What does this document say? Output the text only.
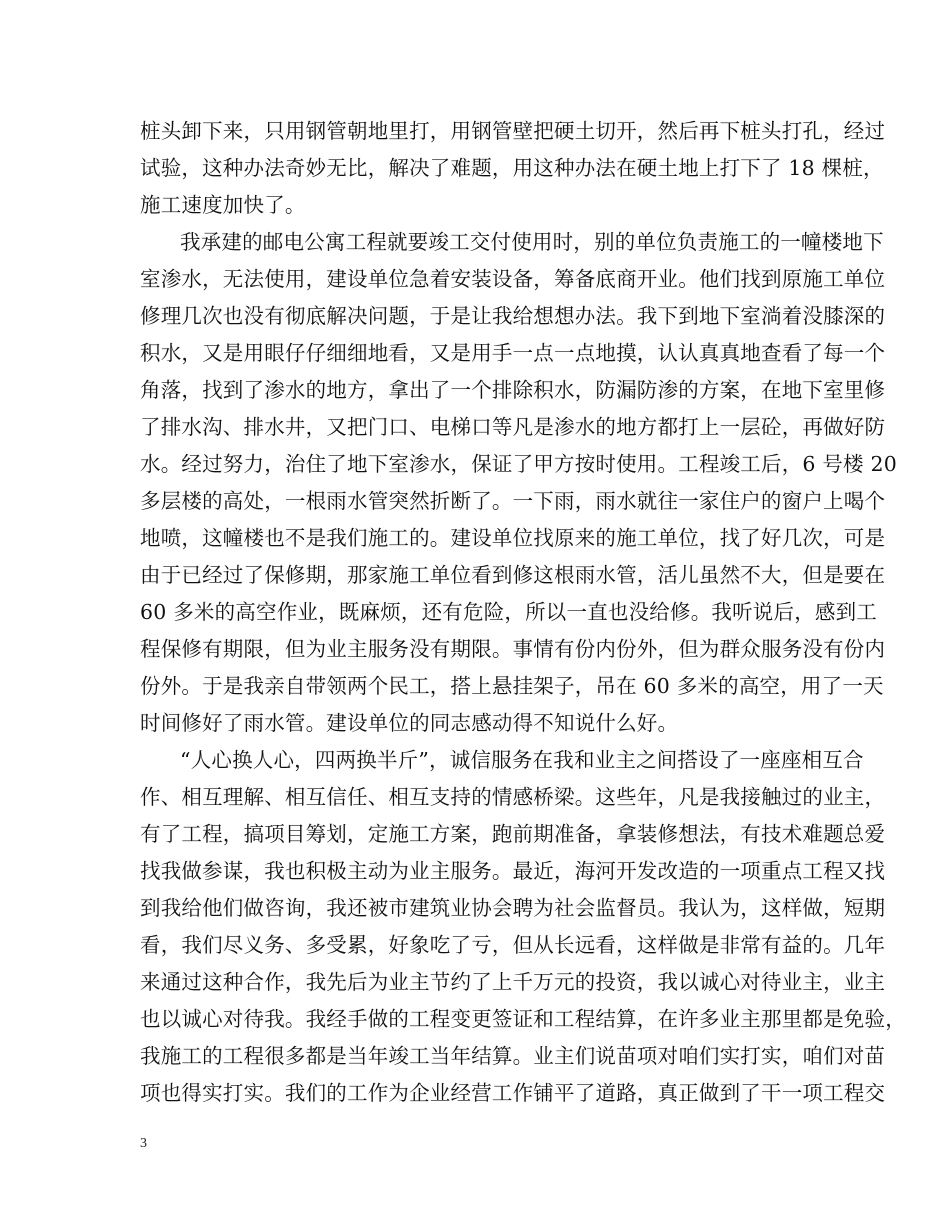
桩头卸下来，只用钢管朝地里打，用钢管壁把硬土切开，然后再下桩头打孔，经过
试验，这种办法奇妙无比，解决了难题，用这种办法在硬土地上打下了 18 棵桩，
施工速度加快了。
我承建的邮电公寓工程就要竣工交付使用时，别的单位负责施工的一幢楼地下
室渗水，无法使用，建设单位急着安装设备，筹备底商开业。他们找到原施工单位
修理几次也没有彻底解决问题，于是让我给想想办法。我下到地下室淌着没膝深的
积水，又是用眼仔仔细细地看，又是用手一点一点地摸，认认真真地查看了每一个
角落，找到了渗水的地方，拿出了一个排除积水，防漏防渗的方案，在地下室里修
了排水沟、排水井，又把门口、电梯口等凡是渗水的地方都打上一层砼，再做好防
水。经过努力，治住了地下室渗水，保证了甲方按时使用。工程竣工后，6 号楼 20
多层楼的高处，一根雨水管突然折断了。一下雨，雨水就往一家住户的窗户上喝个
地喷，这幢楼也不是我们施工的。建设单位找原来的施工单位，找了好几次，可是
由于已经过了保修期，那家施工单位看到修这根雨水管，活儿虽然不大，但是要在
60 多米的高空作业，既麻烦，还有危险，所以一直也没给修。我听说后，感到工
程保修有期限，但为业主服务没有期限。事情有份内份外，但为群众服务没有份内
份外。于是我亲自带领两个民工，搭上悬挂架子，吊在 60 多米的高空，用了一天
时间修好了雨水管。建设单位的同志感动得不知说什么好。
“人心换人心，四两换半斤”，诚信服务在我和业主之间搭设了一座座相互合
作、相互理解、相互信任、相互支持的情感桥梁。这些年，凡是我接触过的业主，
有了工程，搞项目筹划，定施工方案，跑前期准备，拿装修想法，有技术难题总爱
找我做参谋，我也积极主动为业主服务。最近，海河开发改造的一项重点工程又找
到我给他们做咨询，我还被市建筑业协会聘为社会监督员。我认为，这样做，短期
看，我们尽义务、多受累，好象吃了亏，但从长远看，这样做是非常有益的。几年
来通过这种合作，我先后为业主节约了上千万元的投资，我以诚心对待业主，业主
也以诚心对待我。我经手做的工程变更签证和工程结算，在许多业主那里都是免验，
我施工的工程很多都是当年竣工当年结算。业主们说苗项对咱们实打实，咱们对苗
项也得实打实。我们的工作为企业经营工作铺平了道路，真正做到了干一项工程交
3
